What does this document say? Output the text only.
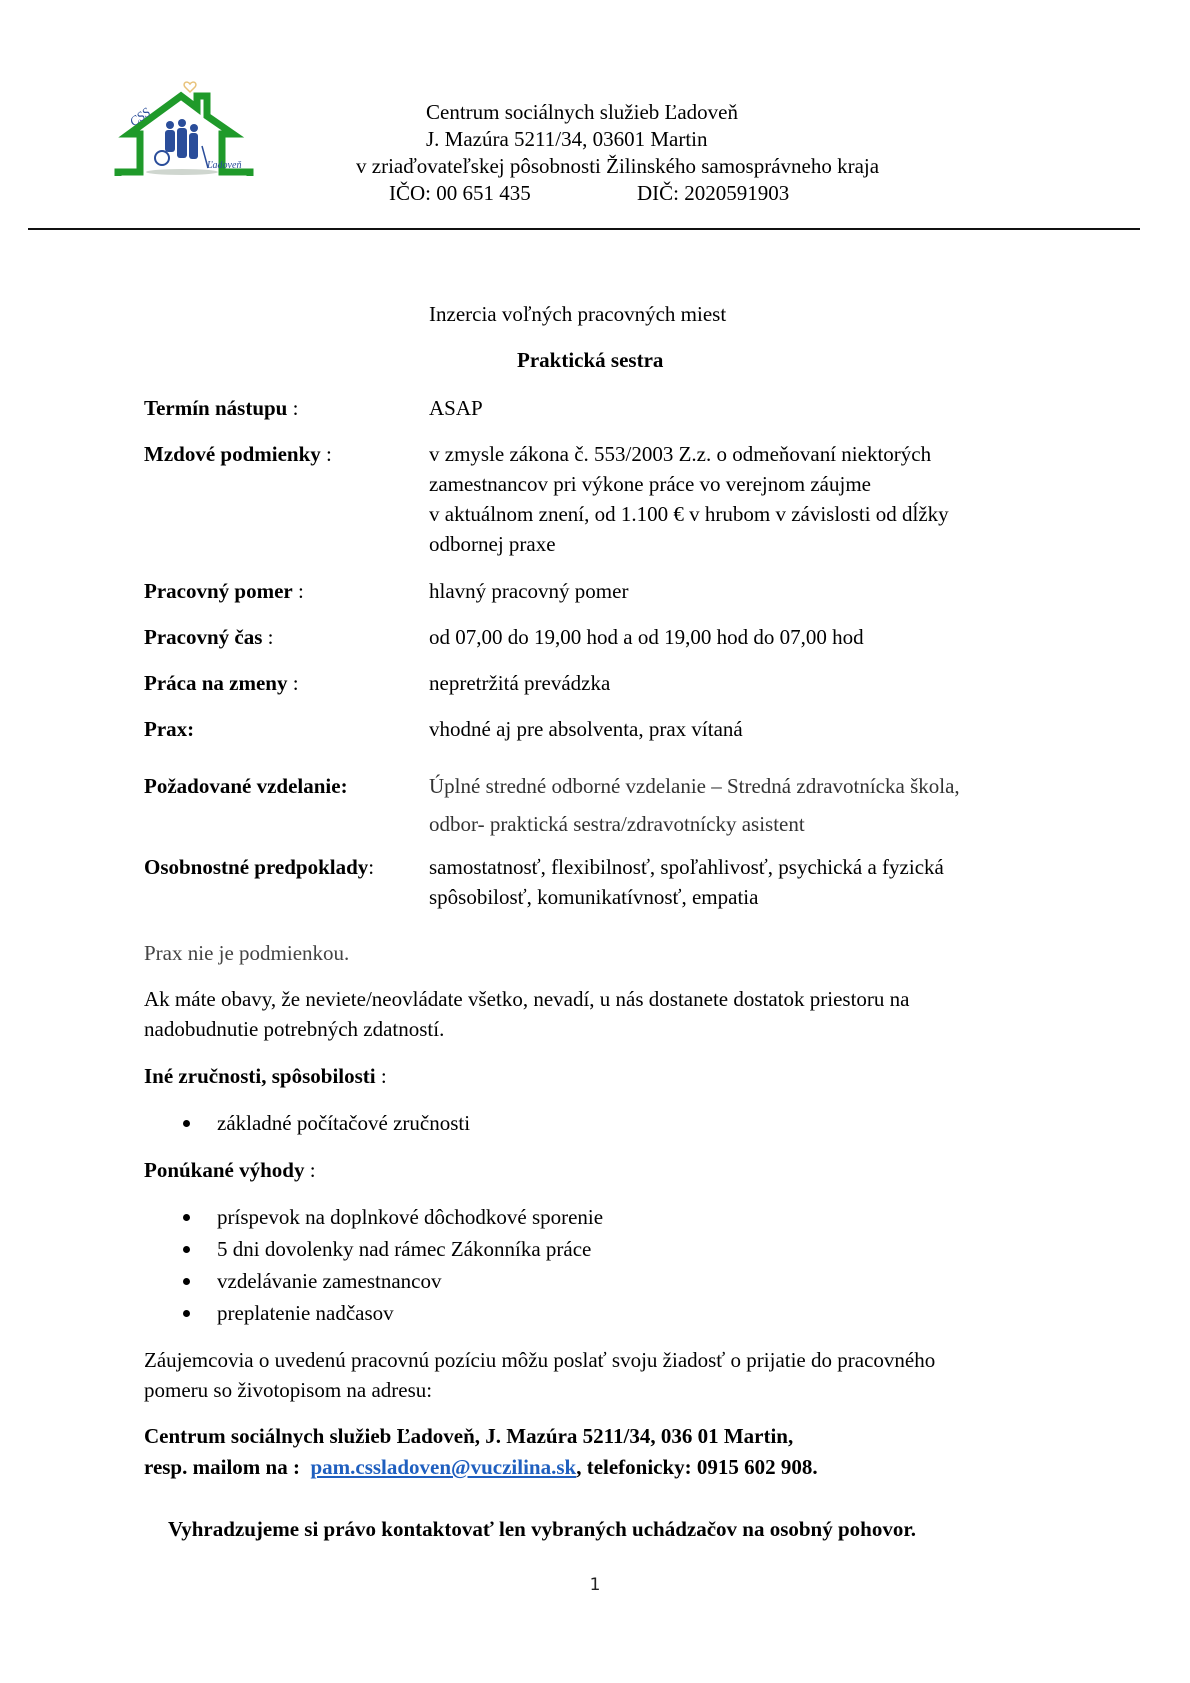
CSS
Ľadoveň
Centrum sociálnych služieb Ľadoveň
J. Mazúra 5211/34, 03601 Martin
v zriaďovateľskej pôsobnosti Žilinského samosprávneho kraja
IČO: 00 651 435	DIČ: 2020591903
Inzercia voľných pracovných miest
Praktická sestra
Termín nástupu :	ASAP
Mzdové podmienky :	v zmysle zákona č. 553/2003 Z.z. o odmeňovaní niektorých
zamestnancov pri výkone práce vo verejnom záujme
v aktuálnom znení, od 1.100 € v hrubom v závislosti od dĺžky
odbornej praxe
Pracovný pomer :	hlavný pracovný pomer
Pracovný čas :	od 07,00 do 19,00 hod a od 19,00 hod do 07,00 hod
Práca na zmeny :	nepretržitá prevádzka
Prax:	vhodné aj pre absolventa, prax vítaná
Požadované vzdelanie:	Úplné stredné odborné vzdelanie – Stredná zdravotnícka škola,
odbor- praktická sestra/zdravotnícky asistent
Osobnostné predpoklady:	samostatnosť, flexibilnosť, spoľahlivosť, psychická a fyzická
spôsobilosť, komunikatívnosť, empatia
Prax nie je podmienkou.
Ak máte obavy, že neviete/neovládate všetko, nevadí, u nás dostanete dostatok priestoru na
nadobudnutie potrebných zdatností.
Iné zručnosti, spôsobilosti :
základné počítačové zručnosti
Ponúkané výhody :
príspevok na doplnkové dôchodkové sporenie
5 dni dovolenky nad rámec Zákonníka práce
vzdelávanie zamestnancov
preplatenie nadčasov
Záujemcovia o uvedenú pracovnú pozíciu môžu poslať svoju žiadosť o prijatie do pracovného
pomeru so životopisom na adresu:
Centrum sociálnych služieb Ľadoveň, J. Mazúra 5211/34, 036 01 Martin,
resp. mailom na :  pam.cssladoven@vuczilina.sk, telefonicky: 0915 602 908.
Vyhradzujeme si právo kontaktovať len vybraných uchádzačov na osobný pohovor.
1
